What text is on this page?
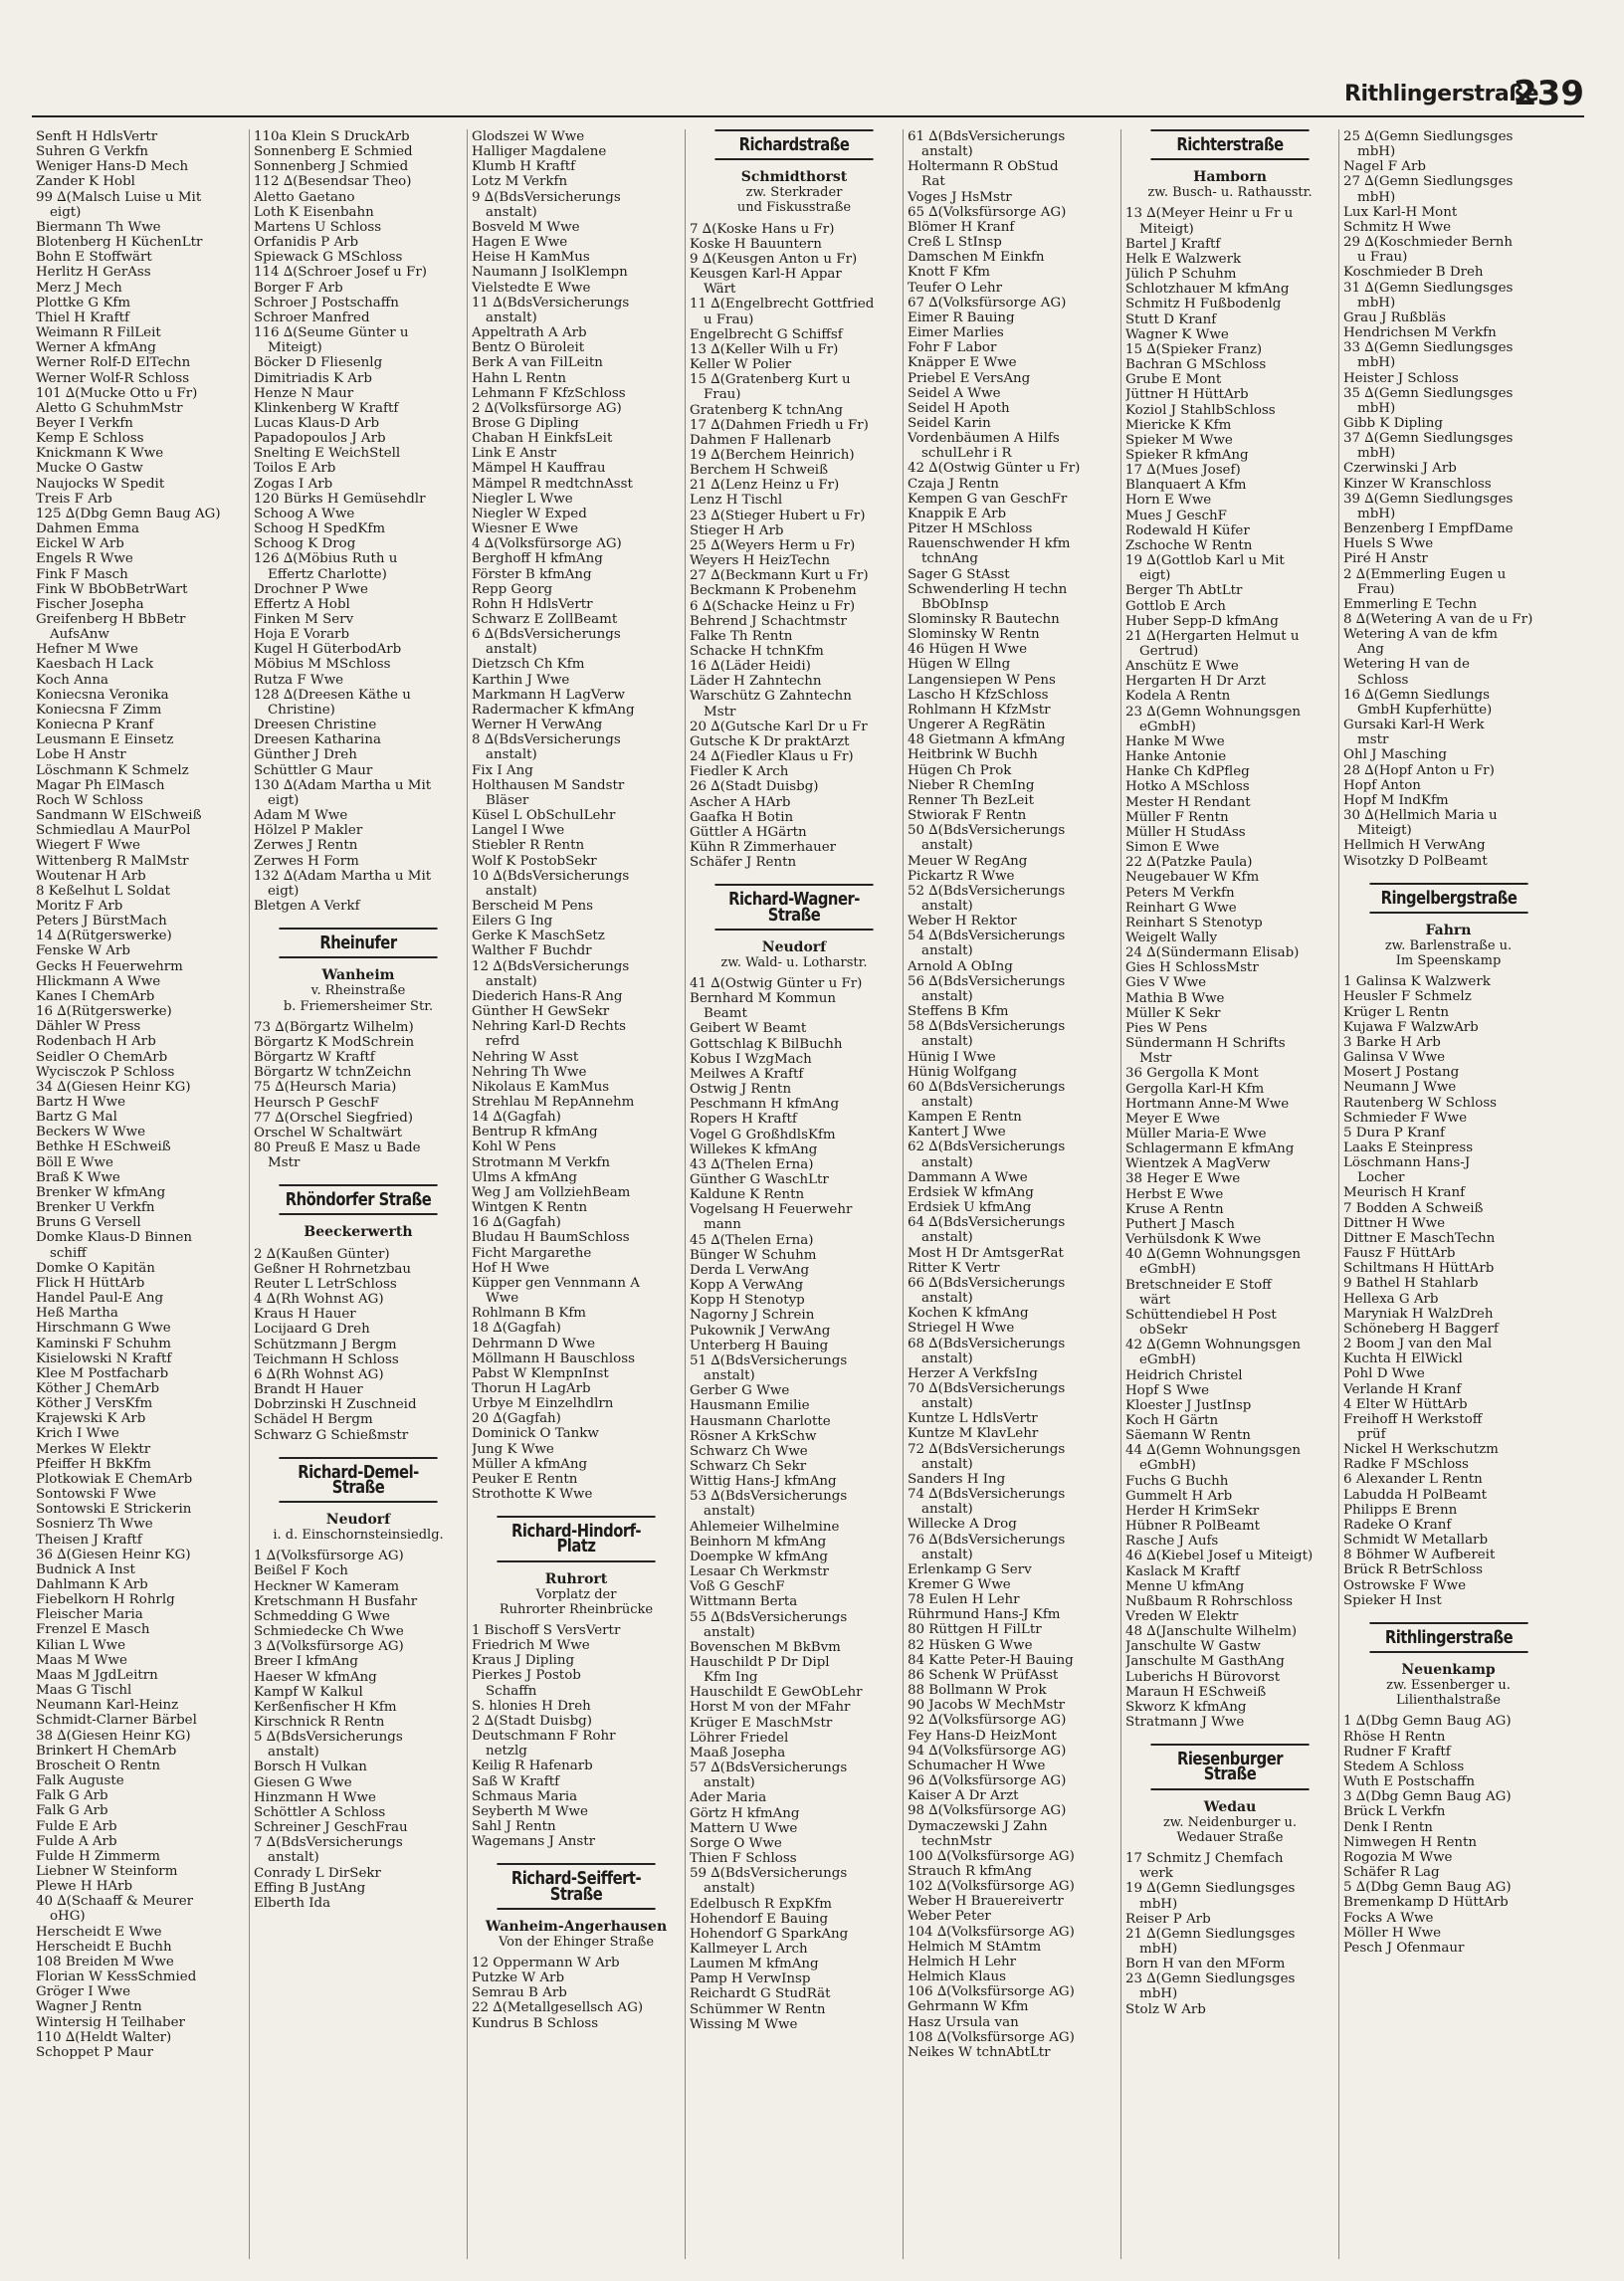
Rithlingerstraße
239
Senft H HdlsVertr
Suhren G Verkfn
Weniger Hans-D Mech
Zander K Hobl
99 ∆(Malsch Luise u Mit
eigt)
Biermann Th Wwe
Blotenberg H KüchenLtr
Bohn E Stoffwärt
Herlitz H GerAss
Merz J Mech
Plottke G Kfm
Thiel H Kraftf
Weimann R FilLeit
Werner A kfmAng
Werner Rolf-D ElTechn
Werner Wolf-R Schloss
101 ∆(Mucke Otto u Fr)
Aletto G SchuhmMstr
Beyer I Verkfn
Kemp E Schloss
Knickmann K Wwe
Mucke O Gastw
Naujocks W Spedit
Treis F Arb
125 ∆(Dbg Gemn Baug AG)
Dahmen Emma
Eickel W Arb
Engels R Wwe
Fink F Masch
Fink W BbObBetrWart
Fischer Josepha
Greifenberg H BbBetr
AufsAnw
Hefner M Wwe
Kaesbach H Lack
Koch Anna
Koniecsna Veronika
Koniecsna F Zimm
Koniecna P Kranf
Leusmann E Einsetz
Lobe H Anstr
Löschmann K Schmelz
Magar Ph ElMasch
Roch W Schloss
Sandmann W ElSchweiß
Schmiedlau A MaurPol
Wiegert F Wwe
Wittenberg R MalMstr
Woutenar H Arb
8 Keßelhut L Soldat
Moritz F Arb
Peters J BürstMach
14 ∆(Rütgerswerke)
Fenske W Arb
Gecks H Feuerwehrm
Hlickmann A Wwe
Kanes I ChemArb
16 ∆(Rütgerswerke)
Dähler W Press
Rodenbach H Arb
Seidler O ChemArb
Wycisczok P Schloss
34 ∆(Giesen Heinr KG)
Bartz H Wwe
Bartz G Mal
Beckers W Wwe
Bethke H ESchweiß
Böll E Wwe
Braß K Wwe
Brenker W kfmAng
Brenker U Verkfn
Bruns G Versell
Domke Klaus-D Binnen
schiff
Domke O Kapitän
Flick H HüttArb
Handel Paul-E Ang
Heß Martha
Hirschmann G Wwe
Kaminski F Schuhm
Kisielowski N Kraftf
Klee M Postfacharb
Köther J ChemArb
Köther J VersKfm
Krajewski K Arb
Krich I Wwe
Merkes W Elektr
Pfeiffer H BkKfm
Plotkowiak E ChemArb
Sontowski F Wwe
Sontowski E Strickerin
Sosnierz Th Wwe
Theisen J Kraftf
36 ∆(Giesen Heinr KG)
Budnick A Inst
Dahlmann K Arb
Fiebelkorn H Rohrlg
Fleischer Maria
Frenzel E Masch
Kilian L Wwe
Maas M Wwe
Maas M JgdLeitrn
Maas G Tischl
Neumann Karl-Heinz
Schmidt-Clarner Bärbel
38 ∆(Giesen Heinr KG)
Brinkert H ChemArb
Broscheit O Rentn
Falk Auguste
Falk G Arb
Falk G Arb
Fulde E Arb
Fulde A Arb
Fulde H Zimmerm
Liebner W Steinform
Plewe H HArb
40 ∆(Schaaff & Meurer
oHG)
Herscheidt E Wwe
Herscheidt E Buchh
108 Breiden M Wwe
Florian W KessSchmied
Gröger I Wwe
Wagner J Rentn
Wintersig H Teilhaber
110 ∆(Heldt Walter)
Schoppet P Maur
110a Klein S DruckArb
Sonnenberg E Schmied
Sonnenberg J Schmied
112 ∆(Besendsar Theo)
Aletto Gaetano
Loth K Eisenbahn
Martens U Schloss
Orfanidis P Arb
Spiewack G MSchloss
114 ∆(Schroer Josef u Fr)
Borger F Arb
Schroer J Postschaffn
Schroer Manfred
116 ∆(Seume Günter u
Miteigt)
Böcker D Fliesenlg
Dimitriadis K Arb
Henze N Maur
Klinkenberg W Kraftf
Lucas Klaus-D Arb
Papadopoulos J Arb
Snelting E WeichStell
Toilos E Arb
Zogas I Arb
120 Bürks H Gemüsehdlr
Schoog A Wwe
Schoog H SpedKfm
Schoog K Drog
126 ∆(Möbius Ruth u
Effertz Charlotte)
Drochner P Wwe
Effertz A Hobl
Finken M Serv
Hoja E Vorarb
Kugel H GüterbodArb
Möbius M MSchloss
Rutza F Wwe
128 ∆(Dreesen Käthe u
Christine)
Dreesen Christine
Dreesen Katharina
Günther J Dreh
Schüttler G Maur
130 ∆(Adam Martha u Mit
eigt)
Adam M Wwe
Hölzel P Makler
Zerwes J Rentn
Zerwes H Form
132 ∆(Adam Martha u Mit
eigt)
Bletgen A Verkf
Rheinufer
Wanheim
v. Rheinstraße
b. Friemersheimer Str.
73 ∆(Börgartz Wilhelm)
Börgartz K ModSchrein
Börgartz W Kraftf
Börgartz W tchnZeichn
75 ∆(Heursch Maria)
Heursch P GeschF
77 ∆(Orschel Siegfried)
Orschel W Schaltwärt
80 Preuß E Masz u Bade
Mstr
Rhöndorfer Straße
Beeckerwerth
2 ∆(Kaußen Günter)
Geßner H Rohrnetzbau
Reuter L LetrSchloss
4 ∆(Rh Wohnst AG)
Kraus H Hauer
Locijaard G Dreh
Schützmann J Bergm
Teichmann H Schloss
6 ∆(Rh Wohnst AG)
Brandt H Hauer
Dobrzinski H Zuschneid
Schädel H Bergm
Schwarz G Schießmstr
Richard-Demel-Straße
Neudorf
i. d. Einschornsteinsiedlg.
1 ∆(Volksfürsorge AG)
Beißel F Koch
Heckner W Kameram
Kretschmann H Busfahr
Schmedding G Wwe
Schmiedecke Ch Wwe
3 ∆(Volksfürsorge AG)
Breer I kfmAng
Haeser W kfmAng
Kampf W Kalkul
Kerßenfischer H Kfm
Kirschnick R Rentn
5 ∆(BdsVersicherungs
anstalt)
Borsch H Vulkan
Giesen G Wwe
Hinzmann H Wwe
Schöttler A Schloss
Schreiner J GeschFrau
7 ∆(BdsVersicherungs
anstalt)
Conrady L DirSekr
Effing B JustAng
Elberth Ida
Glodszei W Wwe
Halliger Magdalene
Klumb H Kraftf
Lotz M Verkfn
9 ∆(BdsVersicherungs
anstalt)
Bosveld M Wwe
Hagen E Wwe
Heise H KamMus
Naumann J IsolKlempn
Vielstedte E Wwe
11 ∆(BdsVersicherungs
anstalt)
Appeltrath A Arb
Bentz O Büroleit
Berk A van FilLeitn
Hahn L Rentn
Lehmann F KfzSchloss
2 ∆(Volksfürsorge AG)
Brose G Dipling
Chaban H EinkfsLeit
Link E Anstr
Mämpel H Kauffrau
Mämpel R medtchnAsst
Niegler L Wwe
Niegler W Exped
Wiesner E Wwe
4 ∆(Volksfürsorge AG)
Berghoff H kfmAng
Förster B kfmAng
Repp Georg
Rohn H HdlsVertr
Schwarz E ZollBeamt
6 ∆(BdsVersicherungs
anstalt)
Dietzsch Ch Kfm
Karthin J Wwe
Markmann H LagVerw
Radermacher K kfmAng
Werner H VerwAng
8 ∆(BdsVersicherungs
anstalt)
Fix I Ang
Holthausen M Sandstr
Bläser
Küsel L ObSchulLehr
Langel I Wwe
Stiebler R Rentn
Wolf K PostobSekr
10 ∆(BdsVersicherungs
anstalt)
Berscheid M Pens
Eilers G Ing
Gerke K MaschSetz
Walther F Buchdr
12 ∆(BdsVersicherungs
anstalt)
Diederich Hans-R Ang
Günther H GewSekr
Nehring Karl-D Rechts
refrd
Nehring W Asst
Nehring Th Wwe
Nikolaus E KamMus
Strehlau M RepAnnehm
14 ∆(Gagfah)
Bentrup R kfmAng
Kohl W Pens
Strotmann M Verkfn
Ulms A kfmAng
Weg J am VollziehBeam
Wintgen K Rentn
16 ∆(Gagfah)
Bludau H BaumSchloss
Ficht Margarethe
Hof H Wwe
Küpper gen Vennmann A
Wwe
Rohlmann B Kfm
18 ∆(Gagfah)
Dehrmann D Wwe
Möllmann H Bauschloss
Pabst W KlempnInst
Thorun H LagArb
Urbye M Einzelhdlrn
20 ∆(Gagfah)
Dominick O Tankw
Jung K Wwe
Müller A kfmAng
Peuker E Rentn
Strothotte K Wwe
Richard-Hindorf-Platz
Ruhrort
Vorplatz der
Ruhrorter Rheinbrücke
1 Bischoff S VersVertr
Friedrich M Wwe
Kraus J Dipling
Pierkes J Postob
Schaffn
S. hlonies H Dreh
2 ∆(Stadt Duisbg)
Deutschmann F Rohr
netzlg
Keilig R Hafenarb
Saß W Kraftf
Schmaus Maria
Seyberth M Wwe
Sahl J Rentn
Wagemans J Anstr
Richard-Seiffert-Straße
Wanheim-Angerhausen
Von der Ehinger Straße
12 Oppermann W Arb
Putzke W Arb
Semrau B Arb
22 ∆(Metallgesellsch AG)
Kundrus B Schloss
Richardstraße
Schmidthorst
zw. Sterkrader
und Fiskusstraße
7 ∆(Koske Hans u Fr)
Koske H Bauuntern
9 ∆(Keusgen Anton u Fr)
Keusgen Karl-H Appar
Wärt
11 ∆(Engelbrecht Gottfried
u Frau)
Engelbrecht G Schiffsf
13 ∆(Keller Wilh u Fr)
Keller W Polier
15 ∆(Gratenberg Kurt u
Frau)
Gratenberg K tchnAng
17 ∆(Dahmen Friedh u Fr)
Dahmen F Hallenarb
19 ∆(Berchem Heinrich)
Berchem H Schweiß
21 ∆(Lenz Heinz u Fr)
Lenz H Tischl
23 ∆(Stieger Hubert u Fr)
Stieger H Arb
25 ∆(Weyers Herm u Fr)
Weyers H HeizTechn
27 ∆(Beckmann Kurt u Fr)
Beckmann K Probenehm
6 ∆(Schacke Heinz u Fr)
Behrend J Schachtmstr
Falke Th Rentn
Schacke H tchnKfm
16 ∆(Läder Heidi)
Läder H Zahntechn
Warschütz G Zahntechn
Mstr
20 ∆(Gutsche Karl Dr u Fr
Gutsche K Dr praktArzt
24 ∆(Fiedler Klaus u Fr)
Fiedler K Arch
26 ∆(Stadt Duisbg)
Ascher A HArb
Gaafka H Botin
Güttler A HGärtn
Kühn R Zimmerhauer
Schäfer J Rentn
Richard-Wagner-Straße
Neudorf
zw. Wald- u. Lotharstr.
41 ∆(Ostwig Günter u Fr)
Bernhard M Kommun
Beamt
Geibert W Beamt
Gottschlag K BilBuchh
Kobus I WzgMach
Meilwes A Kraftf
Ostwig J Rentn
Peschmann H kfmAng
Ropers H Kraftf
Vogel G GroßhdlsKfm
Willekes K kfmAng
43 ∆(Thelen Erna)
Günther G WaschLtr
Kaldune K Rentn
Vogelsang H Feuerwehr
mann
45 ∆(Thelen Erna)
Bünger W Schuhm
Derda L VerwAng
Kopp A VerwAng
Kopp H Stenotyp
Nagorny J Schrein
Pukownik J VerwAng
Unterberg H Bauing
51 ∆(BdsVersicherungs
anstalt)
Gerber G Wwe
Hausmann Emilie
Hausmann Charlotte
Rösner A KrkSchw
Schwarz Ch Wwe
Schwarz Ch Sekr
Wittig Hans-J kfmAng
53 ∆(BdsVersicherungs
anstalt)
Ahlemeier Wilhelmine
Beinhorn M kfmAng
Doempke W kfmAng
Lesaar Ch Werkmstr
Voß G GeschF
Wittmann Berta
55 ∆(BdsVersicherungs
anstalt)
Bovenschen M BkBvm
Hauschildt P Dr Dipl
Kfm Ing
Hauschildt E GewObLehr
Horst M von der MFahr
Krüger E MaschMstr
Löhrer Friedel
Maaß Josepha
57 ∆(BdsVersicherungs
anstalt)
Ader Maria
Görtz H kfmAng
Mattern U Wwe
Sorge O Wwe
Thien F Schloss
59 ∆(BdsVersicherungs
anstalt)
Edelbusch R ExpKfm
Hohendorf E Bauing
Hohendorf G SparkAng
Kallmeyer L Arch
Laumen M kfmAng
Pamp H VerwInsp
Reichardt G StudRät
Schümmer W Rentn
Wissing M Wwe
61 ∆(BdsVersicherungs
anstalt)
Holtermann R ObStud
Rat
Voges J HsMstr
65 ∆(Volksfürsorge AG)
Blömer H Kranf
Creß L StInsp
Damschen M Einkfn
Knott F Kfm
Teufer O Lehr
67 ∆(Volksfürsorge AG)
Eimer R Bauing
Eimer Marlies
Fohr F Labor
Knäpper E Wwe
Priebel E VersAng
Seidel A Wwe
Seidel H Apoth
Seidel Karin
Vordenbäumen A Hilfs
schulLehr i R
42 ∆(Ostwig Günter u Fr)
Czaja J Rentn
Kempen G van GeschFr
Knappik E Arb
Pitzer H MSchloss
Rauenschwender H kfm
tchnAng
Sager G StAsst
Schwenderling H techn
BbObInsp
Slominsky R Bautechn
Slominsky W Rentn
46 Hügen H Wwe
Hügen W Ellng
Langensiepen W Pens
Lascho H KfzSchloss
Rohlmann H KfzMstr
Ungerer A RegRätin
48 Gietmann A kfmAng
Heitbrink W Buchh
Hügen Ch Prok
Nieber R ChemIng
Renner Th BezLeit
Stwiorak F Rentn
50 ∆(BdsVersicherungs
anstalt)
Meuer W RegAng
Pickartz R Wwe
52 ∆(BdsVersicherungs
anstalt)
Weber H Rektor
54 ∆(BdsVersicherungs
anstalt)
Arnold A ObIng
56 ∆(BdsVersicherungs
anstalt)
Steffens B Kfm
58 ∆(BdsVersicherungs
anstalt)
Hünig I Wwe
Hünig Wolfgang
60 ∆(BdsVersicherungs
anstalt)
Kampen E Rentn
Kantert J Wwe
62 ∆(BdsVersicherungs
anstalt)
Dammann A Wwe
Erdsiek W kfmAng
Erdsiek U kfmAng
64 ∆(BdsVersicherungs
anstalt)
Most H Dr AmtsgerRat
Ritter K Vertr
66 ∆(BdsVersicherungs
anstalt)
Kochen K kfmAng
Striegel H Wwe
68 ∆(BdsVersicherungs
anstalt)
Herzer A VerkfsIng
70 ∆(BdsVersicherungs
anstalt)
Kuntze L HdlsVertr
Kuntze M KlavLehr
72 ∆(BdsVersicherungs
anstalt)
Sanders H Ing
74 ∆(BdsVersicherungs
anstalt)
Willecke A Drog
76 ∆(BdsVersicherungs
anstalt)
Erlenkamp G Serv
Kremer G Wwe
78 Eulen H Lehr
Rührmund Hans-J Kfm
80 Rüttgen H FilLtr
82 Hüsken G Wwe
84 Katte Peter-H Bauing
86 Schenk W PrüfAsst
88 Bollmann W Prok
90 Jacobs W MechMstr
92 ∆(Volksfürsorge AG)
Fey Hans-D HeizMont
94 ∆(Volksfürsorge AG)
Schumacher H Wwe
96 ∆(Volksfürsorge AG)
Kaiser A Dr Arzt
98 ∆(Volksfürsorge AG)
Dymaczewski J Zahn
technMstr
100 ∆(Volksfürsorge AG)
Strauch R kfmAng
102 ∆(Volksfürsorge AG)
Weber H Brauereivertr
Weber Peter
104 ∆(Volksfürsorge AG)
Helmich M StAmtm
Helmich H Lehr
Helmich Klaus
106 ∆(Volksfürsorge AG)
Gehrmann W Kfm
Hasz Ursula van
108 ∆(Volksfürsorge AG)
Neikes W tchnAbtLtr
Richterstraße
Hamborn
zw. Busch- u. Rathausstr.
13 ∆(Meyer Heinr u Fr u
Miteigt)
Bartel J Kraftf
Helk E Walzwerk
Jülich P Schuhm
Schlotzhauer M kfmAng
Schmitz H Fußbodenlg
Stutt D Kranf
Wagner K Wwe
15 ∆(Spieker Franz)
Bachran G MSchloss
Grube E Mont
Jüttner H HüttArb
Koziol J StahlbSchloss
Miericke K Kfm
Spieker M Wwe
Spieker R kfmAng
17 ∆(Mues Josef)
Blanquaert A Kfm
Horn E Wwe
Mues J GeschF
Rodewald H Küfer
Zschoche W Rentn
19 ∆(Gottlob Karl u Mit
eigt)
Berger Th AbtLtr
Gottlob E Arch
Huber Sepp-D kfmAng
21 ∆(Hergarten Helmut u
Gertrud)
Anschütz E Wwe
Hergarten H Dr Arzt
Kodela A Rentn
23 ∆(Gemn Wohnungsgen
eGmbH)
Hanke M Wwe
Hanke Antonie
Hanke Ch KdPfleg
Hotko A MSchloss
Mester H Rendant
Müller F Rentn
Müller H StudAss
Simon E Wwe
22 ∆(Patzke Paula)
Neugebauer W Kfm
Peters M Verkfn
Reinhart G Wwe
Reinhart S Stenotyp
Weigelt Wally
24 ∆(Sündermann Elisab)
Gies H SchlossMstr
Gies V Wwe
Mathia B Wwe
Müller K Sekr
Pies W Pens
Sündermann H Schrifts
Mstr
36 Gergolla K Mont
Gergolla Karl-H Kfm
Hortmann Anne-M Wwe
Meyer E Wwe
Müller Maria-E Wwe
Schlagermann E kfmAng
Wientzek A MagVerw
38 Heger E Wwe
Herbst E Wwe
Kruse A Rentn
Puthert J Masch
Verhülsdonk K Wwe
40 ∆(Gemn Wohnungsgen
eGmbH)
Bretschneider E Stoff
wärt
Schüttendiebel H Post
obSekr
42 ∆(Gemn Wohnungsgen
eGmbH)
Heidrich Christel
Hopf S Wwe
Kloester J JustInsp
Koch H Gärtn
Säemann W Rentn
44 ∆(Gemn Wohnungsgen
eGmbH)
Fuchs G Buchh
Gummelt H Arb
Herder H KrimSekr
Hübner R PolBeamt
Rasche J Aufs
46 ∆(Kiebel Josef u Miteigt)
Kaslack M Kraftf
Menne U kfmAng
Nußbaum R Rohrschloss
Vreden W Elektr
48 ∆(Janschulte Wilhelm)
Janschulte W Gastw
Janschulte M GasthAng
Luberichs H Bürovorst
Maraun H ESchweiß
Skworz K kfmAng
Stratmann J Wwe
Riesenburger Straße
Wedau
zw. Neidenburger u.
Wedauer Straße
17 Schmitz J Chemfach
werk
19 ∆(Gemn Siedlungsges
mbH)
Reiser P Arb
21 ∆(Gemn Siedlungsges
mbH)
Born H van den MForm
23 ∆(Gemn Siedlungsges
mbH)
Stolz W Arb
25 ∆(Gemn Siedlungsges
mbH)
Nagel F Arb
27 ∆(Gemn Siedlungsges
mbH)
Lux Karl-H Mont
Schmitz H Wwe
29 ∆(Koschmieder Bernh
u Frau)
Koschmieder B Dreh
31 ∆(Gemn Siedlungsges
mbH)
Grau J Rußbläs
Hendrichsen M Verkfn
33 ∆(Gemn Siedlungsges
mbH)
Heister J Schloss
35 ∆(Gemn Siedlungsges
mbH)
Gibb K Dipling
37 ∆(Gemn Siedlungsges
mbH)
Czerwinski J Arb
Kinzer W Kranschloss
39 ∆(Gemn Siedlungsges
mbH)
Benzenberg I EmpfDame
Huels S Wwe
Piré H Anstr
2 ∆(Emmerling Eugen u
Frau)
Emmerling E Techn
8 ∆(Wetering A van de u Fr)
Wetering A van de kfm
Ang
Wetering H van de
Schloss
16 ∆(Gemn Siedlungs
GmbH Kupferhütte)
Gursaki Karl-H Werk
mstr
Ohl J Masching
28 ∆(Hopf Anton u Fr)
Hopf Anton
Hopf M IndKfm
30 ∆(Hellmich Maria u
Miteigt)
Hellmich H VerwAng
Wisotzky D PolBeamt
Ringelbergstraße
Fahrn
zw. Barlenstraße u.
Im Speenskamp
1 Galinsa K Walzwerk
Heusler F Schmelz
Krüger L Rentn
Kujawa F WalzwArb
3 Barke H Arb
Galinsa V Wwe
Mosert J Postang
Neumann J Wwe
Rautenberg W Schloss
Schmieder F Wwe
5 Dura P Kranf
Laaks E Steinpress
Löschmann Hans-J
Locher
Meurisch H Kranf
7 Bodden A Schweiß
Dittner H Wwe
Dittner E MaschTechn
Fausz F HüttArb
Schiltmans H HüttArb
9 Bathel H Stahlarb
Hellexa G Arb
Maryniak H WalzDreh
Schöneberg H Baggerf
2 Boom J van den Mal
Kuchta H ElWickl
Pohl D Wwe
Verlande H Kranf
4 Elter W HüttArb
Freihoff H Werkstoff
prüf
Nickel H Werkschutzm
Radke F MSchloss
6 Alexander L Rentn
Labudda H PolBeamt
Philipps E Brenn
Radeke O Kranf
Schmidt W Metallarb
8 Böhmer W Aufbereit
Brück R BetrSchloss
Ostrowske F Wwe
Spieker H Inst
Rithlingerstraße
Neuenkamp
zw. Essenberger u.
Lilienthalstraße
1 ∆(Dbg Gemn Baug AG)
Rhöse H Rentn
Rudner F Kraftf
Stedem A Schloss
Wuth E Postschaffn
3 ∆(Dbg Gemn Baug AG)
Brück L Verkfn
Denk I Rentn
Nimwegen H Rentn
Rogozia M Wwe
Schäfer R Lag
5 ∆(Dbg Gemn Baug AG)
Bremenkamp D HüttArb
Focks A Wwe
Möller H Wwe
Pesch J Ofenmaur
